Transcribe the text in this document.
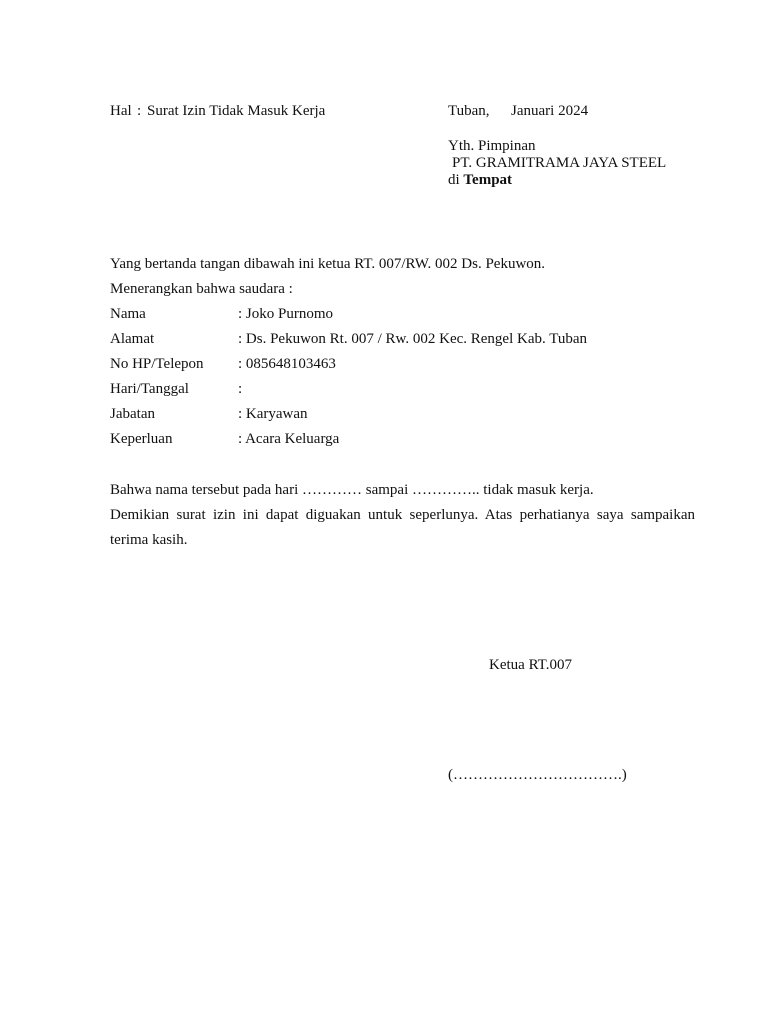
Hal : Surat Izin Tidak Masuk Kerja	Tuban, Januari 2024
Yth. Pimpinan
PT. GRAMITRAMA JAYA STEEL
di Tempat
Yang bertanda tangan dibawah ini ketua RT. 007/RW. 002 Ds. Pekuwon.
Menerangkan bahwa saudara :
Nama	: Joko Purnomo
Alamat	: Ds. Pekuwon Rt. 007 / Rw. 002 Kec. Rengel Kab. Tuban
No HP/Telepon : 085648103463
Hari/Tanggal	:
Jabatan	: Karyawan
Keperluan	: Acara Keluarga
Bahwa nama tersebut pada hari ………… sampai ………….. tidak masuk kerja.
Demikian surat izin ini dapat diguakan untuk seperlunya. Atas perhatianya saya sampaikan
terima kasih.
Ketua RT.007
(…………………………….)
